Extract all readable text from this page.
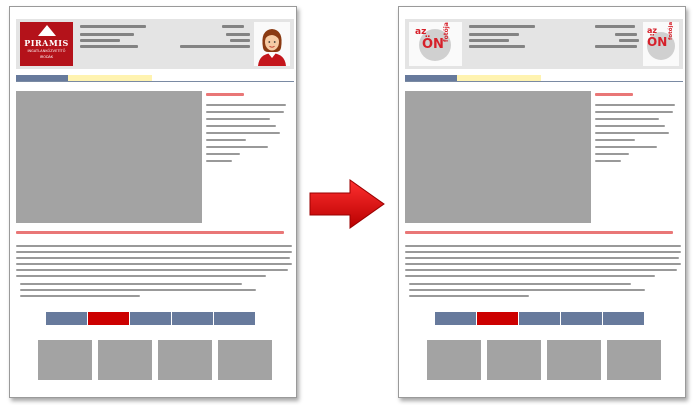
PIRAMIS
INGATLANKÖZVETÍTŐ
IRODÁK
az
ÖN
fotója	az
ÖN
fotója
